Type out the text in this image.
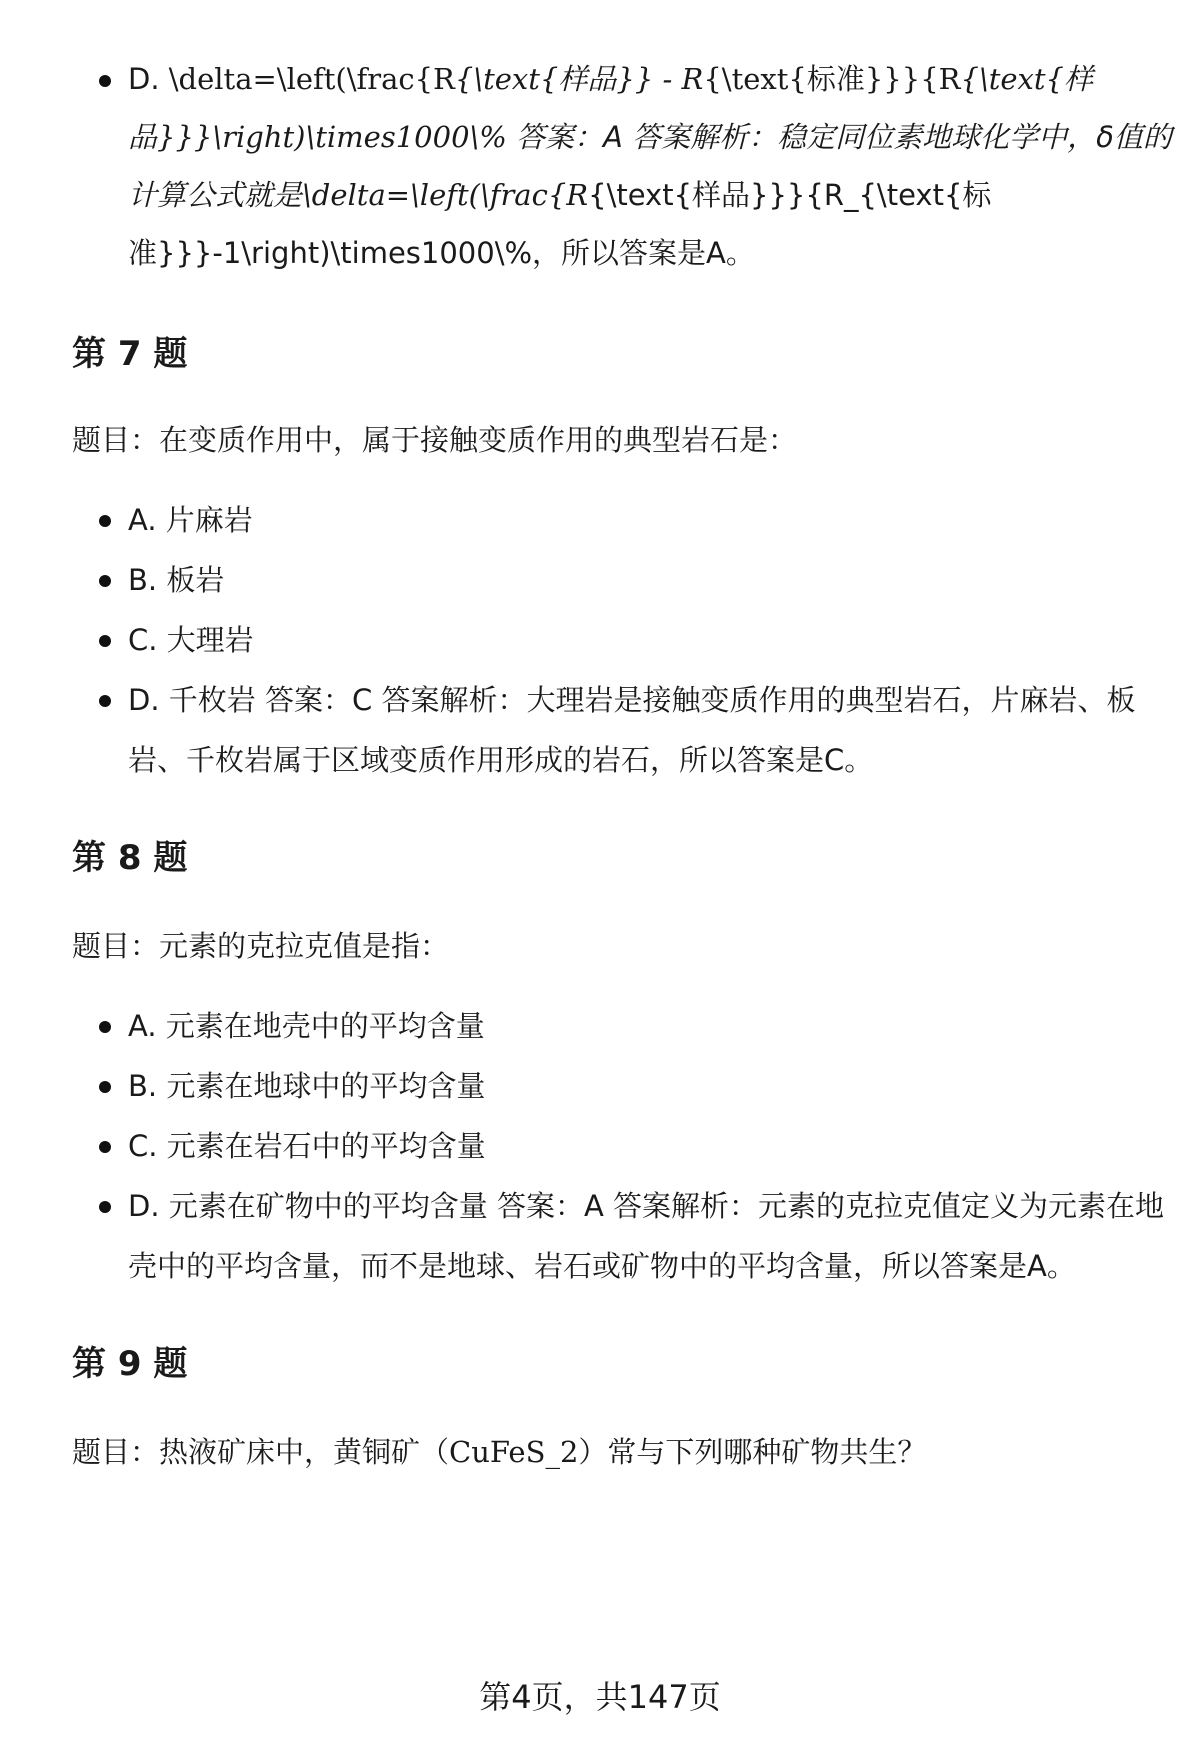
D. \delta=\left(\frac{R{\text{样品}} - R{\text{标准}}}{R{\text{样品}}}\right)\times1000\% 答案：A 答案解析：稳定同位素地球化学中，δ值的计算公式就是\delta=\left(\frac{R{\text{样品}}}{R_{\text{标准}}}-1\right)\times1000\%，所以答案是A。

第 7 题

题目：在变质作用中，属于接触变质作用的典型岩石是：

A. 片麻岩
B. 板岩
C. 大理岩
D. 千枚岩 答案：C 答案解析：大理岩是接触变质作用的典型岩石，片麻岩、板岩、千枚岩属于区域变质作用形成的岩石，所以答案是C。

第 8 题

题目：元素的克拉克值是指：

A. 元素在地壳中的平均含量
B. 元素在地球中的平均含量
C. 元素在岩石中的平均含量
D. 元素在矿物中的平均含量 答案：A 答案解析：元素的克拉克值定义为元素在地壳中的平均含量，而不是地球、岩石或矿物中的平均含量，所以答案是A。

第 9 题

题目：热液矿床中，黄铜矿（CuFeS_2）常与下列哪种矿物共生？

第4页，共147页
